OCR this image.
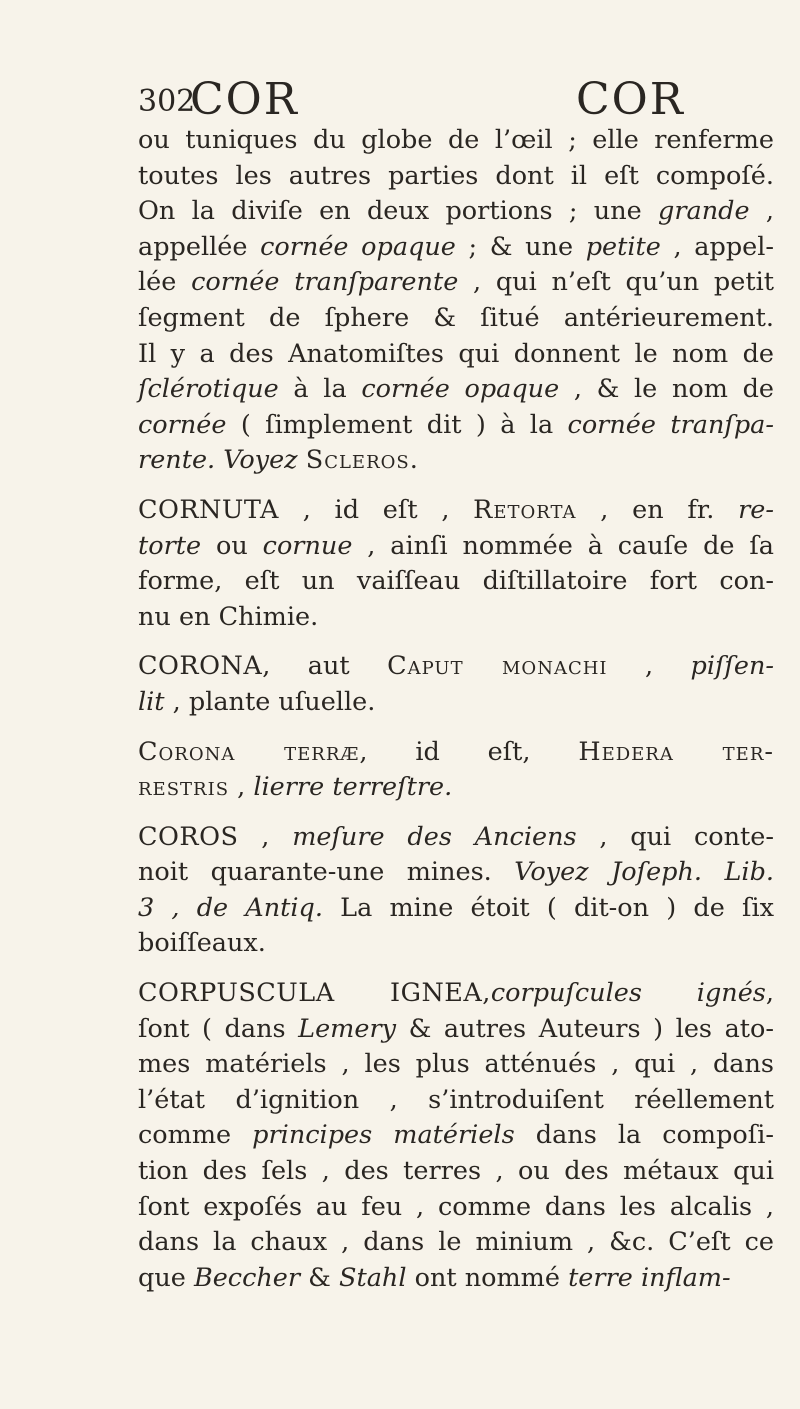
302
COR	COR
ou tuniques du globe de l’œil ; elle renferme
toutes les autres parties dont il eſt compoſé.
On la diviſe en deux portions ; une grande ,
appellée cornée opaque ; & une petite , appel-
lée cornée tranſparente , qui n’eſt qu’un petit
ſegment de ſphere & ſitué antérieurement.
Il y a des Anatomiſtes qui donnent le nom de
ſclérotique à la cornée opaque , & le nom de
cornée ( ſimplement dit ) à la cornée tranſpa-
rente. Voyez Scleros.
CORNUTA , id eſt , Retorta , en fr. re-
torte ou cornue , ainſi nommée à cauſe de ſa
forme, eſt un vaiſſeau diſtillatoire fort con-
nu en Chimie.
CORONA, aut Caput monachi , piſſen-
lit , plante uſuelle.
Corona terræ, id eſt, Hedera ter-
restris , lierre terreſtre.
COROS , meſure des Anciens , qui conte-
noit quarante-une mines. Voyez Joſeph. Lib.
3 , de Antiq. La mine étoit ( dit-on ) de ſix
boiſſeaux.
CORPUSCULA IGNEA,corpuſcules ignés,
ſont ( dans Lemery & autres Auteurs ) les ato-
mes matériels , les plus atténués , qui , dans
l’état d’ignition , s’introduiſent réellement
comme principes matériels dans la compoſi-
tion des ſels , des terres , ou des métaux qui
ſont expoſés au feu , comme dans les alcalis ,
dans la chaux , dans le minium , &c. C’eſt ce
que Beccher & Stahl ont nommé terre inflam-
